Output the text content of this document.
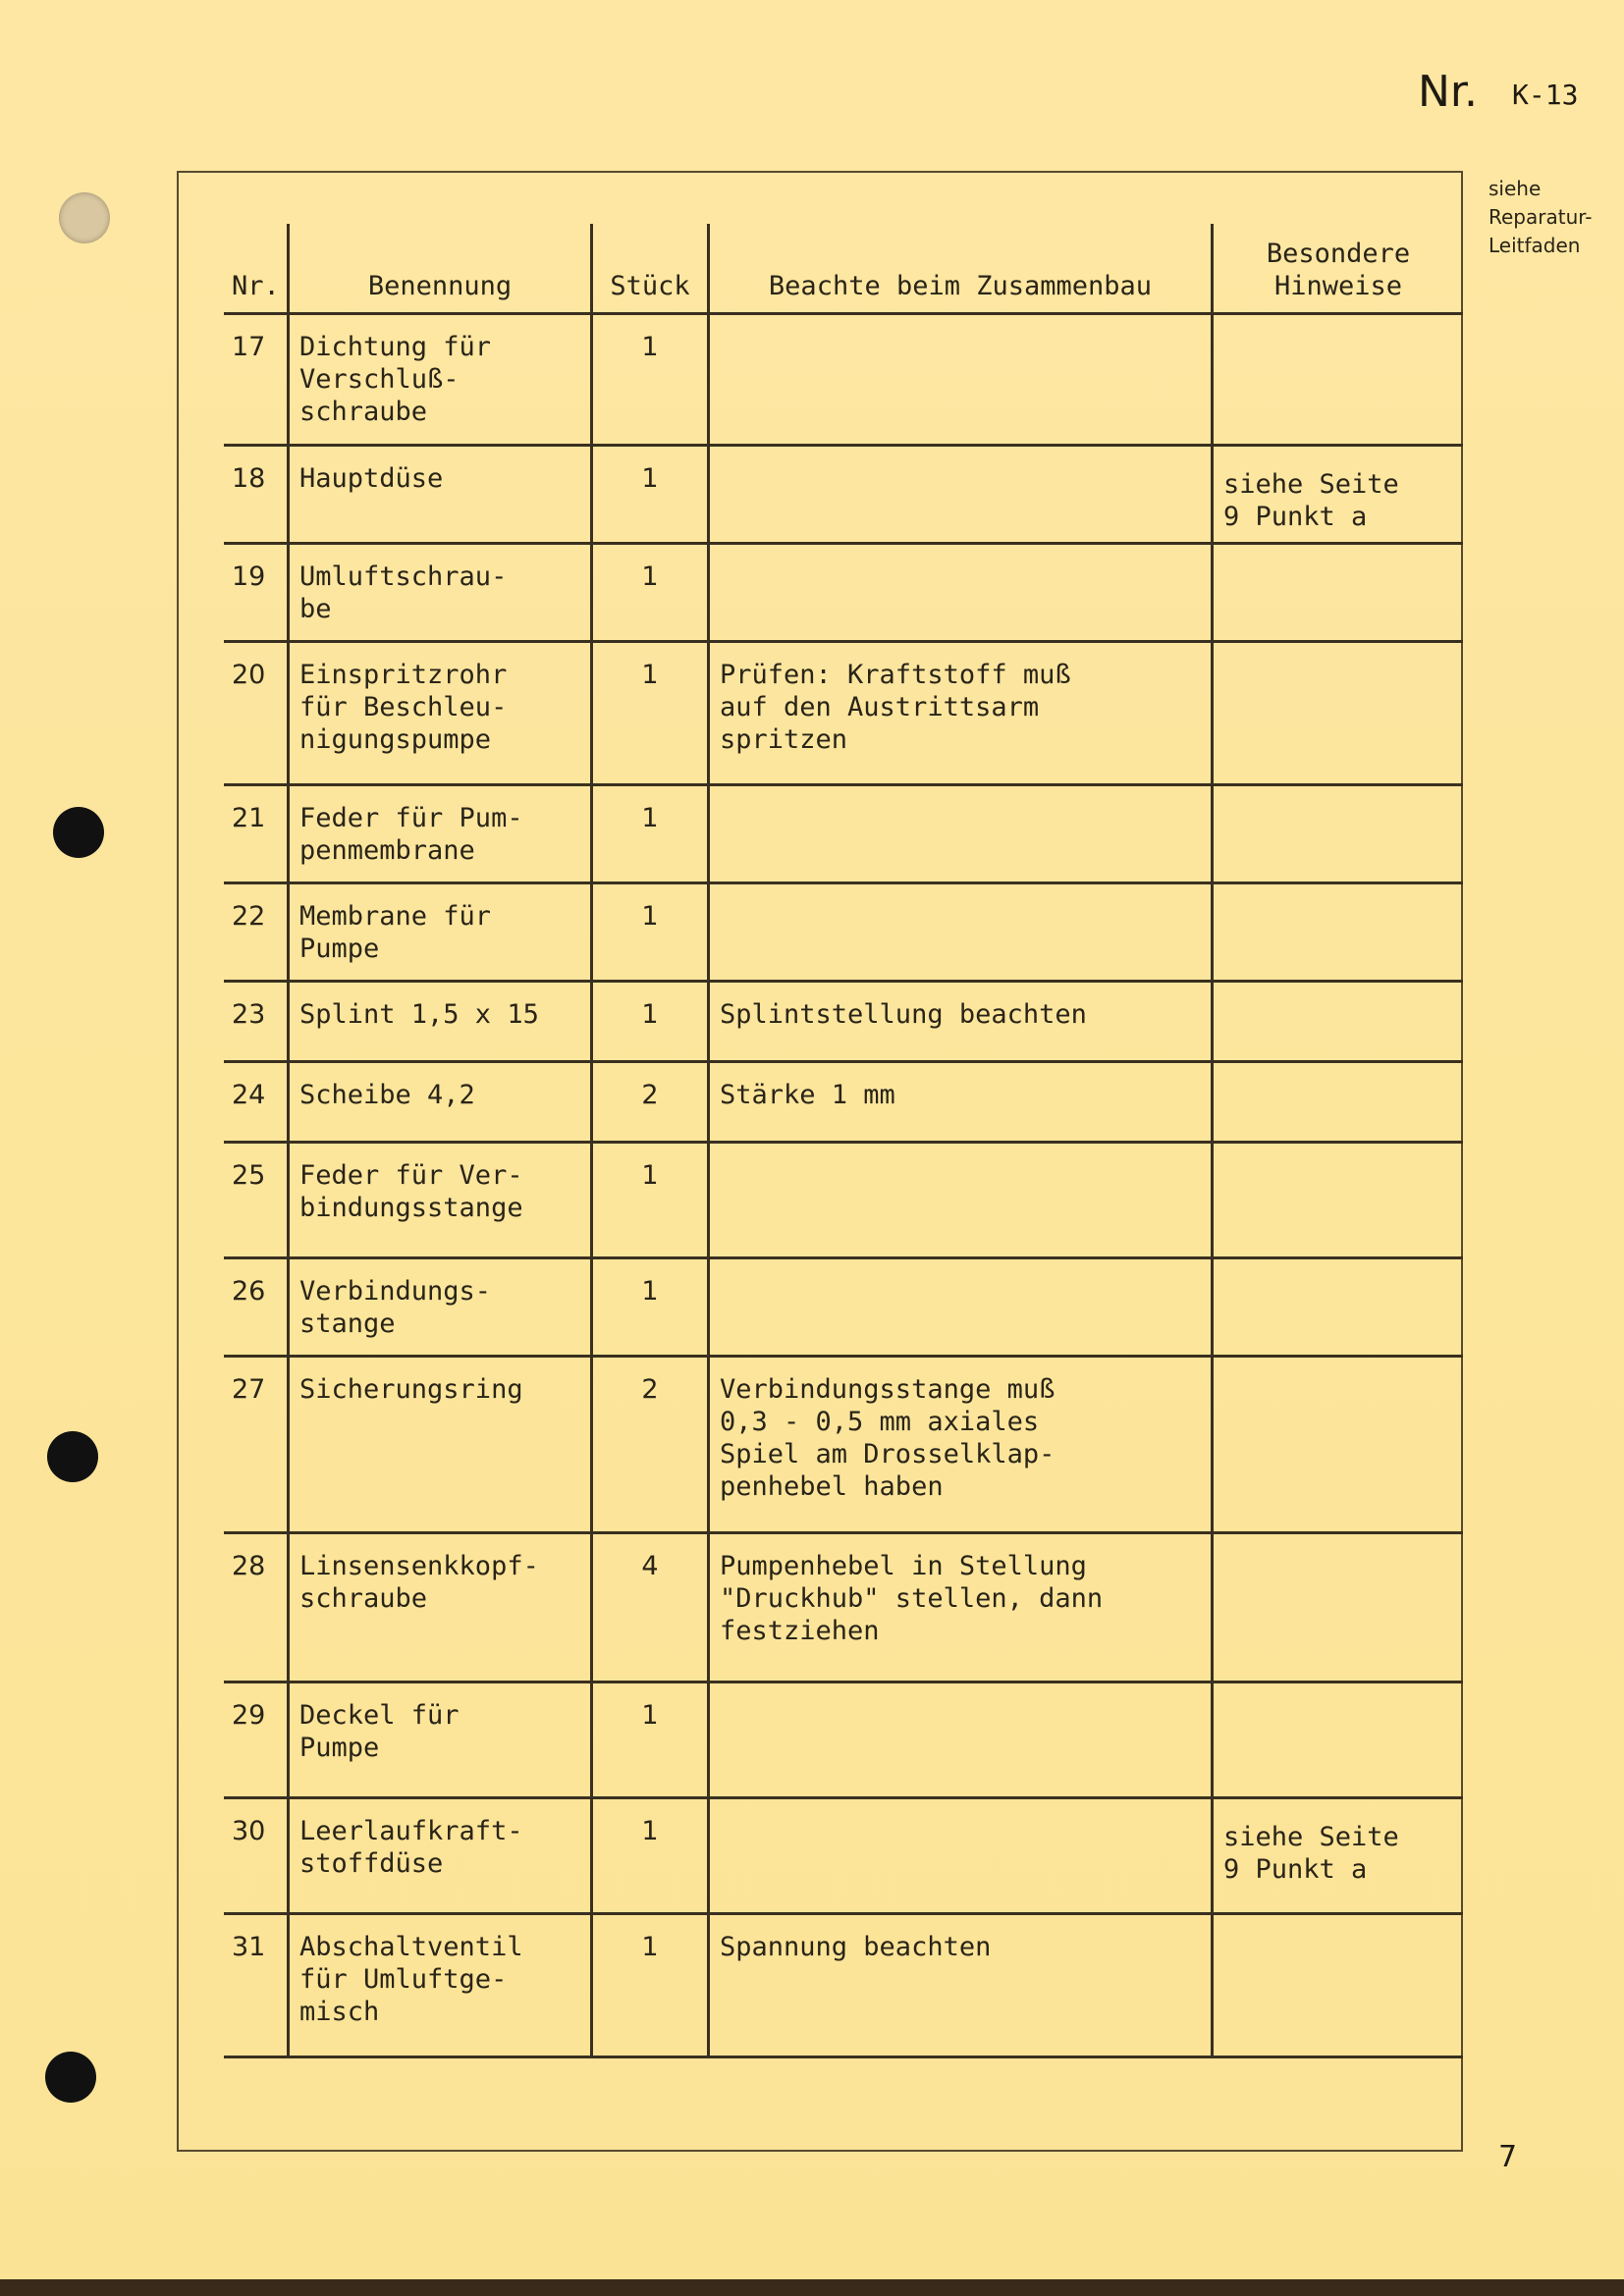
Nr. K-13
siehe
Reparatur-
Leitfaden
Nr.	Benennung	Stück	Beachte beim Zusammenbau	Besondere
Hinweise
17	Dichtung für
Verschluß-
schraube	1		
18	Hauptdüse	1		siehe Seite
9 Punkt a
19	Umluftschrau-
be	1		
20	Einspritzrohr
für Beschleu-
nigungspumpe	1	Prüfen: Kraftstoff muß
auf den Austrittsarm
spritzen	
21	Feder für Pum-
penmembrane	1		
22	Membrane für
Pumpe	1		
23	Splint 1,5 x 15	1	Splintstellung beachten	
24	Scheibe 4,2	2	Stärke 1 mm	
25	Feder für Ver-
bindungsstange	1		
26	Verbindungs-
stange	1		
27	Sicherungsring	2	Verbindungsstange muß
0,3 - 0,5 mm axiales
Spiel am Drosselklap-
penhebel haben	
28	Linsensenkkopf-
schraube	4	Pumpenhebel in Stellung
"Druckhub" stellen, dann
festziehen	
29	Deckel für
Pumpe	1		
30	Leerlaufkraft-
stoffdüse	1		siehe Seite
9 Punkt a
31	Abschaltventil
für Umluftge-
misch	1	Spannung beachten	
7
